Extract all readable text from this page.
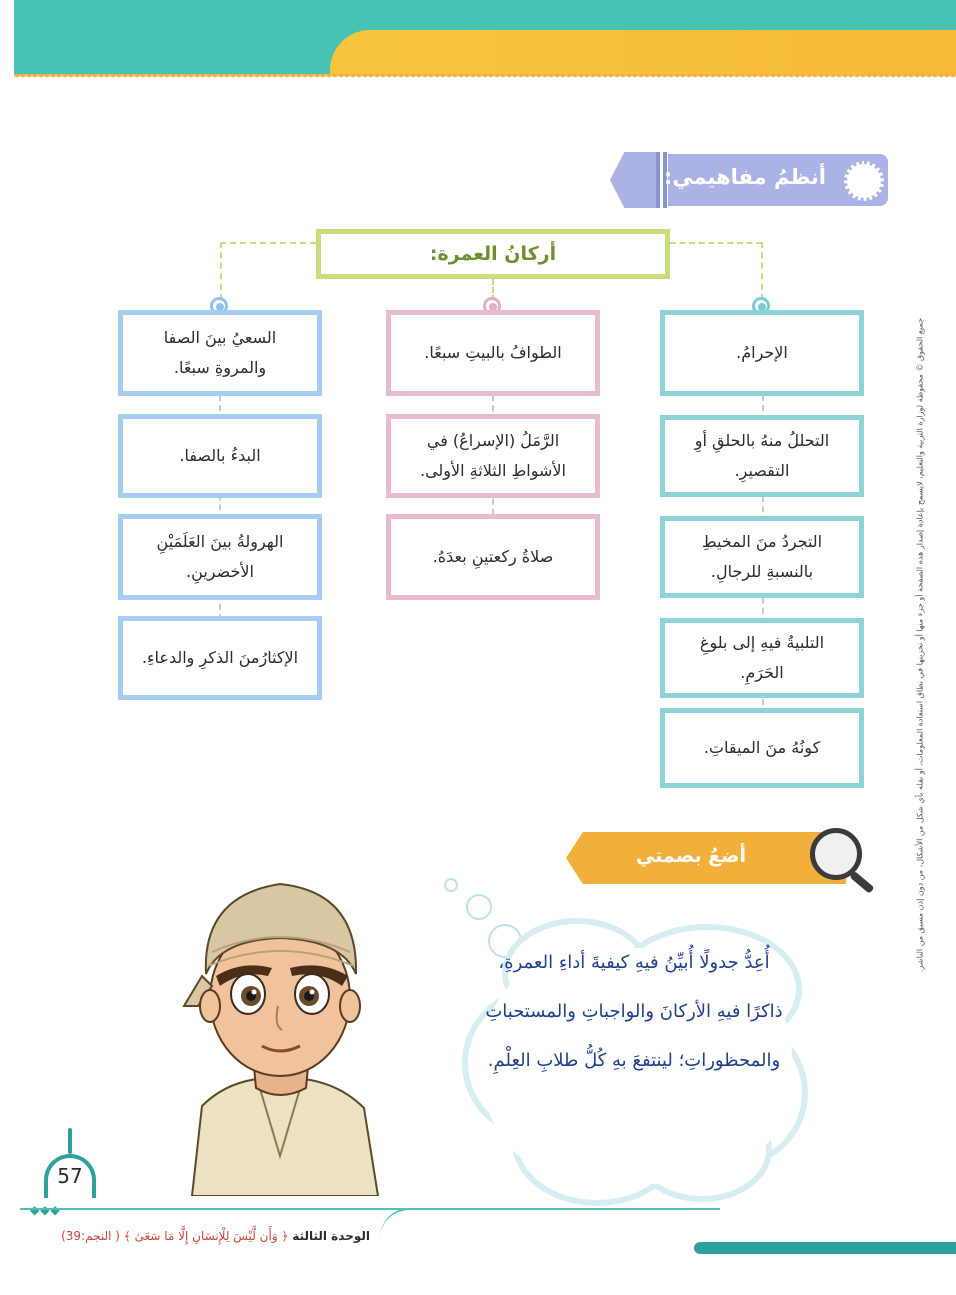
أنظمُ مفاهيمي:
أركانُ العمرة:
الإحرامُ.
التحللُ منهُ بالحلقِ أوِ التقصيرِ.
التجردُ منَ المخيطِ بالنسبةِ للرجالِ.
التلبيةُ فيهِ إلى بلوغِ الحَرَمِ.
كونُهُ منَ الميقاتِ.
الطوافُ بالبيتِ سبعًا.
الرَّمَلُ (الإسراعُ) في الأشواطِ الثلاثةِ الأولى.
صلاةُ ركعتينِ بعدَهُ.
السعيُ بينَ الصفا والمروةِ سبعًا.
البدءُ بالصفا.
الهرولةُ بينَ العَلَمَيْنِ الأخضرينِ.
الإكثارُمنَ الذكرِ والدعاءِ.
أضعُ بصمتي
أُعِدُّ جدولًا أُبيِّنُ فيهِ كيفيةَ أداءِ العمرةِ، ذاكرًا فيهِ الأركانَ والواجباتِ والمستحباتِ والمحظوراتِ؛ لينتفعَ بهِ كُلُّ طلابِ العِلْمِ.
جميع الحقوق © محفوظة لوزارة التربية والتعليم، لايسمح بإعادة إصدار هذه الصفحة أو جزء منها أو تخزينها في نطاق استعادة المعلومات، أو نقله بأي شكل من الأشكال، من دون إذن مسبق من الناشر.
57
◆◆◆
الوحدة الثالثة ﴿ وَأَن لَّيْسَ لِلْإِنسَانِ إِلَّا مَا سَعَىٰ ﴾ ( النجم:39)
